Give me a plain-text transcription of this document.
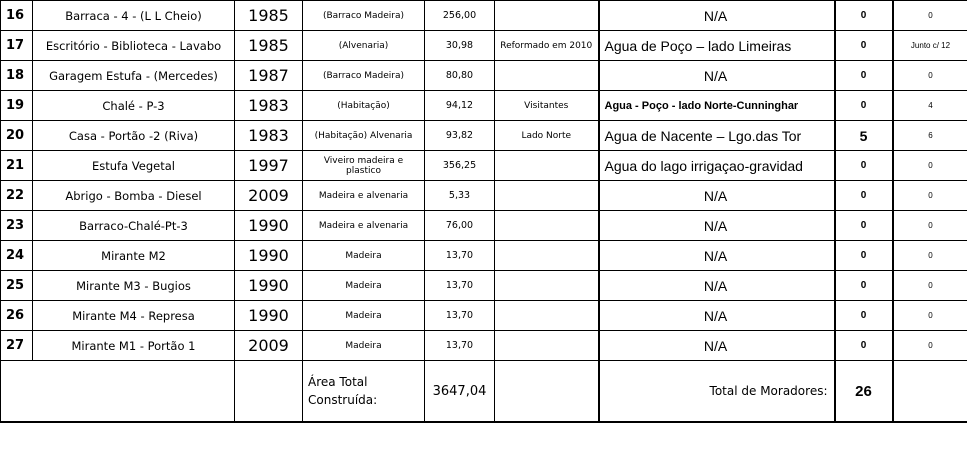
16	Barraca - 4 - (L L Cheio)	1985	(Barraco Madeira)	256,00		N/A	0	0
17	Escritório - Biblioteca - Lavabo	1985	(Alvenaria)	30,98	Reformado em 2010	Agua de Poço – lado Limeiras	0	Junto c/ 12
18	Garagem Estufa - (Mercedes)	1987	(Barraco Madeira)	80,80		N/A	0	0
19	Chalé - P-3	1983	(Habitação)	94,12	Visitantes	Agua - Poço - lado Norte-Cunninghar	0	4
20	Casa - Portão -2 (Riva)	1983	(Habitação) Alvenaria	93,82	Lado Norte	Agua de Nacente – Lgo.das Tor	5	6
21	Estufa Vegetal	1997	Viveiro madeira e plastico	356,25		Agua do lago irrigaçao-gravidad	0	0
22	Abrigo - Bomba - Diesel	2009	Madeira e alvenaria	5,33		N/A	0	0
23	Barraco-Chalé-Pt-3	1990	Madeira e alvenaria	76,00		N/A	0	0
24	Mirante M2	1990	Madeira	13,70		N/A	0	0
25	Mirante M3 - Bugios	1990	Madeira	13,70		N/A	0	0
26	Mirante M4 - Represa	1990	Madeira	13,70		N/A	0	0
27	Mirante M1 - Portão 1	2009	Madeira	13,70		N/A	0	0
			Área Total Construída:	3647,04		Total de Moradores:	26	
